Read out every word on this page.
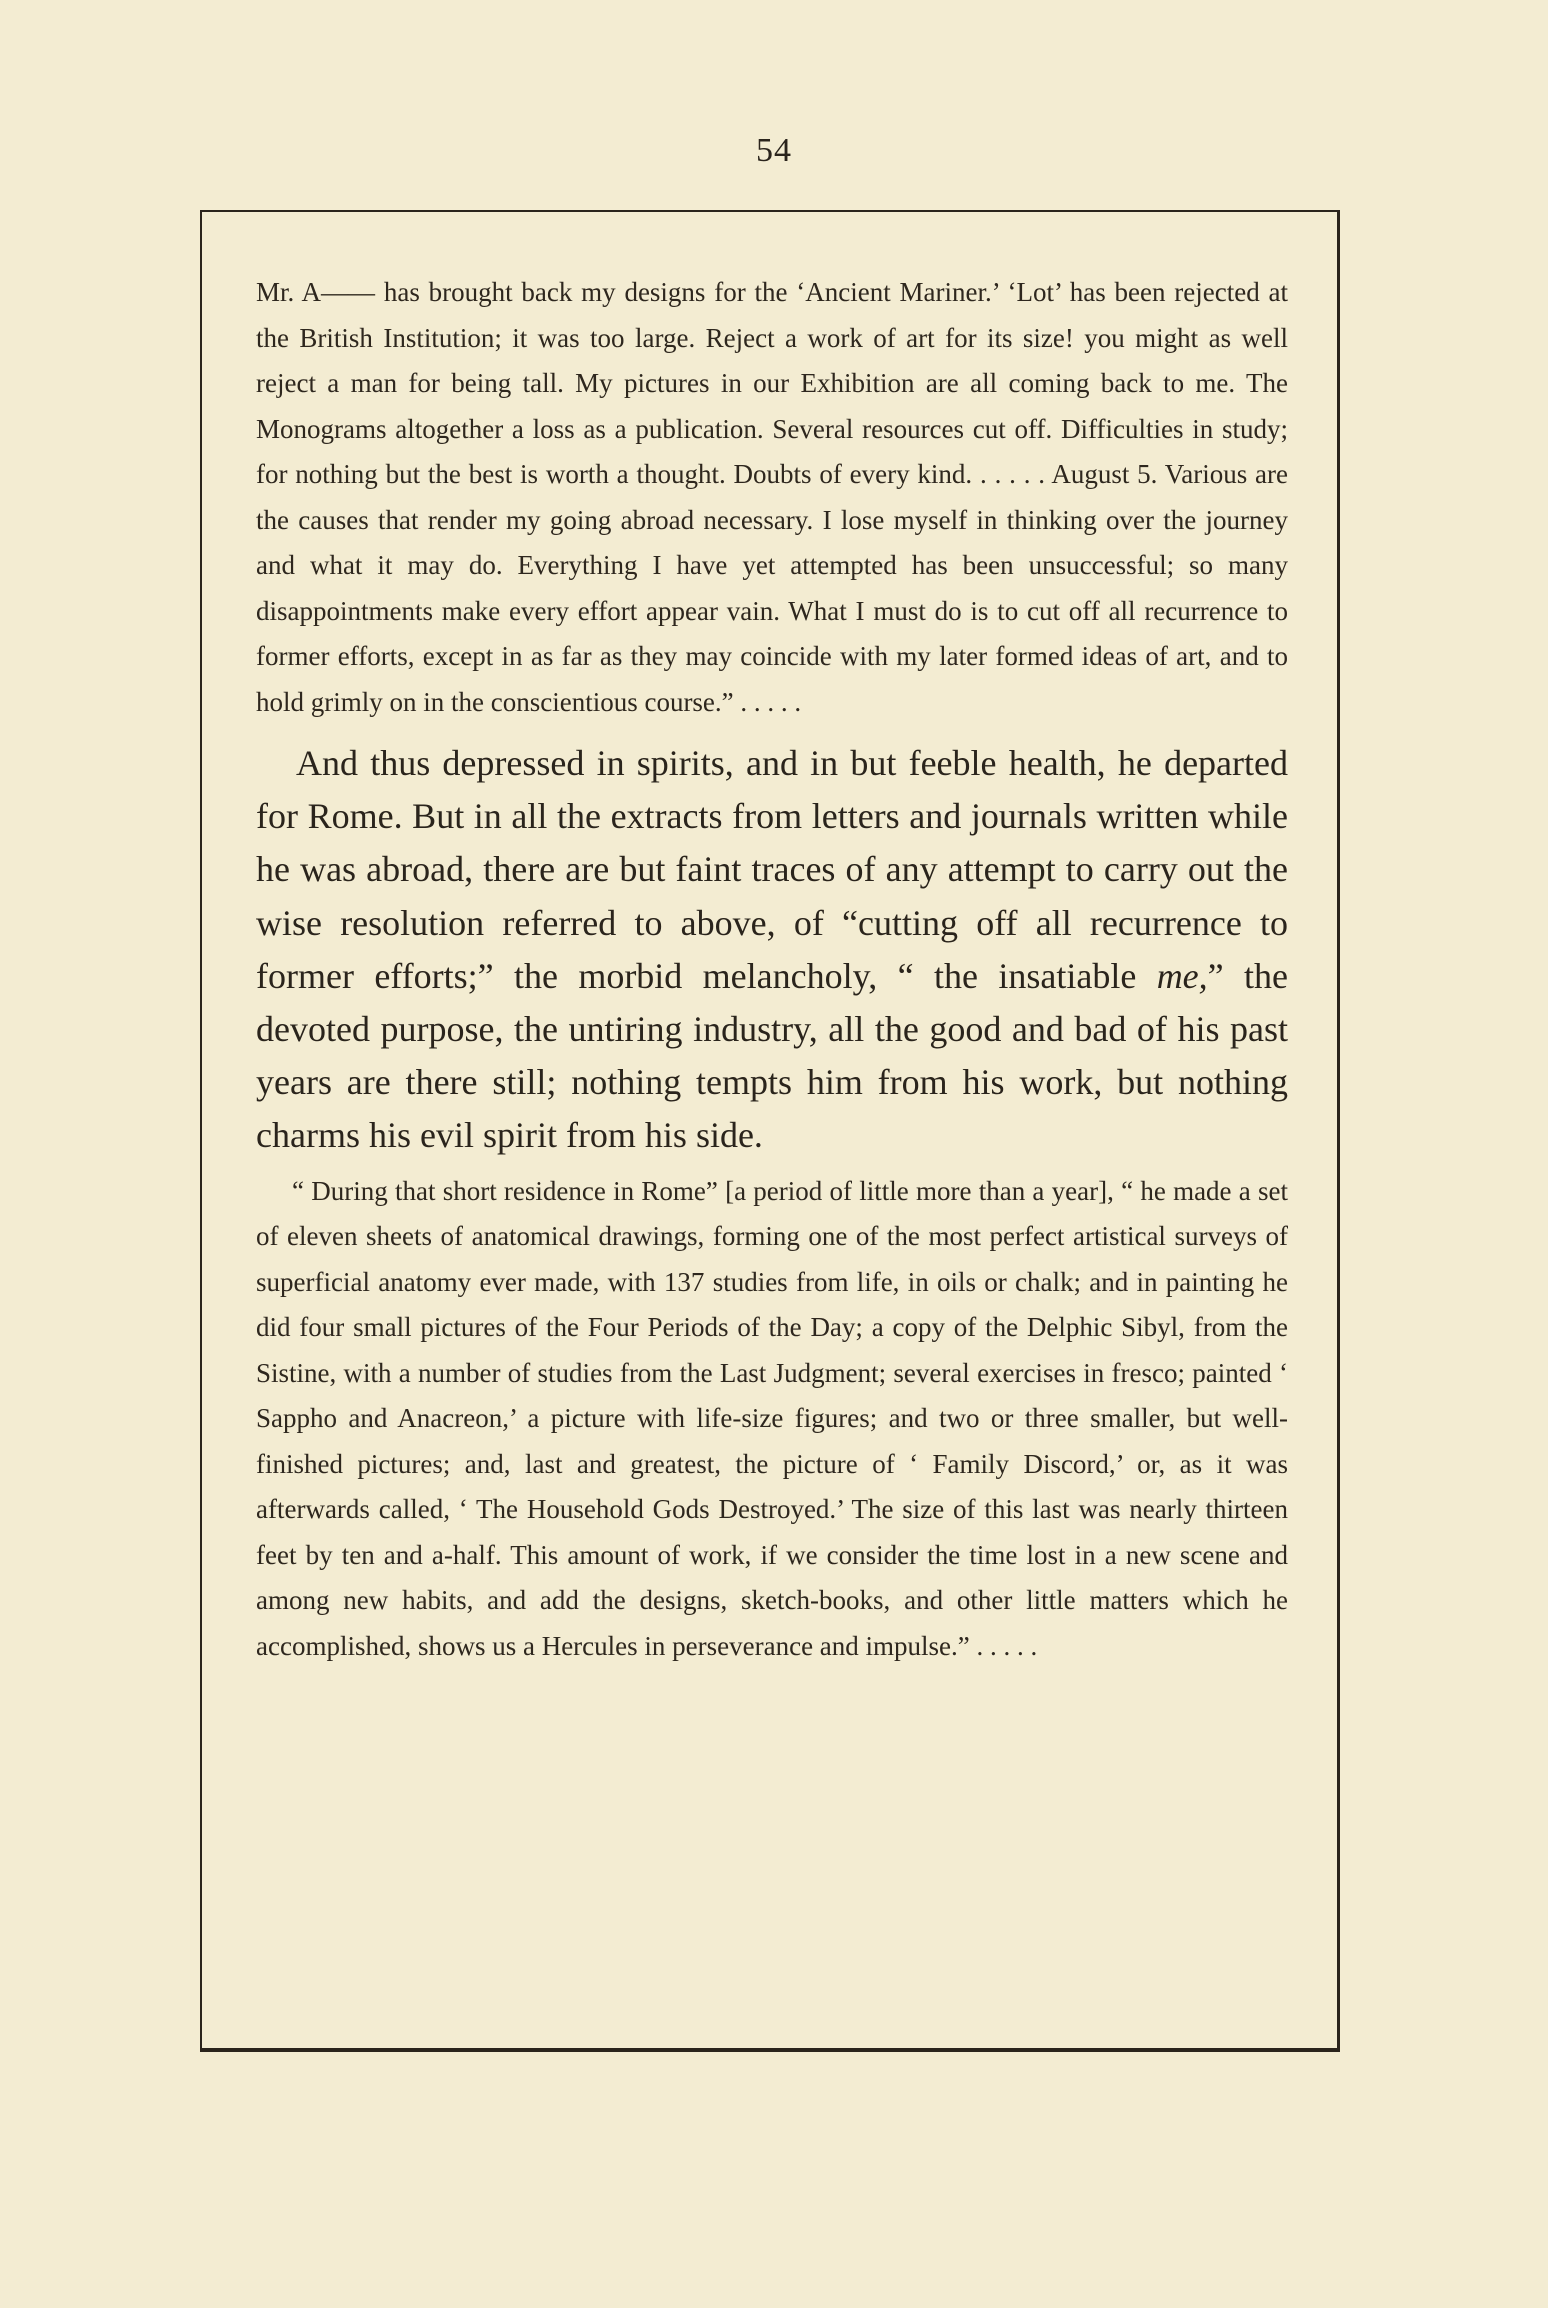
54

Mr. A—— has brought back my designs for the ‘Ancient Mariner.’ ‘Lot’ has been rejected at the British Institution; it was too large. Reject a work of art for its size! you might as well reject a man for being tall. My pictures in our Exhibition are all coming back to me. The Monograms altogether a loss as a publication. Several resources cut off. Difficulties in study; for nothing but the best is worth a thought. Doubts of every kind. . . . . . August 5. Various are the causes that render my going abroad necessary. I lose myself in thinking over the journey and what it may do. Everything I have yet attempted has been unsuccessful; so many disappointments make every effort appear vain. What I must do is to cut off all recurrence to former efforts, except in as far as they may coincide with my later formed ideas of art, and to hold grimly on in the conscientious course.” . . . . .

And thus depressed in spirits, and in but feeble health, he departed for Rome. But in all the extracts from letters and journals written while he was abroad, there are but faint traces of any attempt to carry out the wise resolution referred to above, of “cutting off all recurrence to former efforts;” the morbid melancholy, “ the insatiable me,” the devoted purpose, the untiring industry, all the good and bad of his past years are there still; nothing tempts him from his work, but nothing charms his evil spirit from his side.

“ During that short residence in Rome” [a period of little more than a year], “ he made a set of eleven sheets of anatomical drawings, forming one of the most perfect artistical surveys of superficial anatomy ever made, with 137 studies from life, in oils or chalk; and in painting he did four small pictures of the Four Periods of the Day; a copy of the Delphic Sibyl, from the Sistine, with a number of studies from the Last Judgment; several exercises in fresco; painted ‘ Sappho and Anacreon,’ a picture with life-size figures; and two or three smaller, but well-finished pictures; and, last and greatest, the picture of ‘ Family Discord,’ or, as it was afterwards called, ‘ The Household Gods Destroyed.’ The size of this last was nearly thirteen feet by ten and a-half. This amount of work, if we consider the time lost in a new scene and among new habits, and add the designs, sketch-books, and other little matters which he accomplished, shows us a Hercules in perseverance and impulse.” . . . . .
